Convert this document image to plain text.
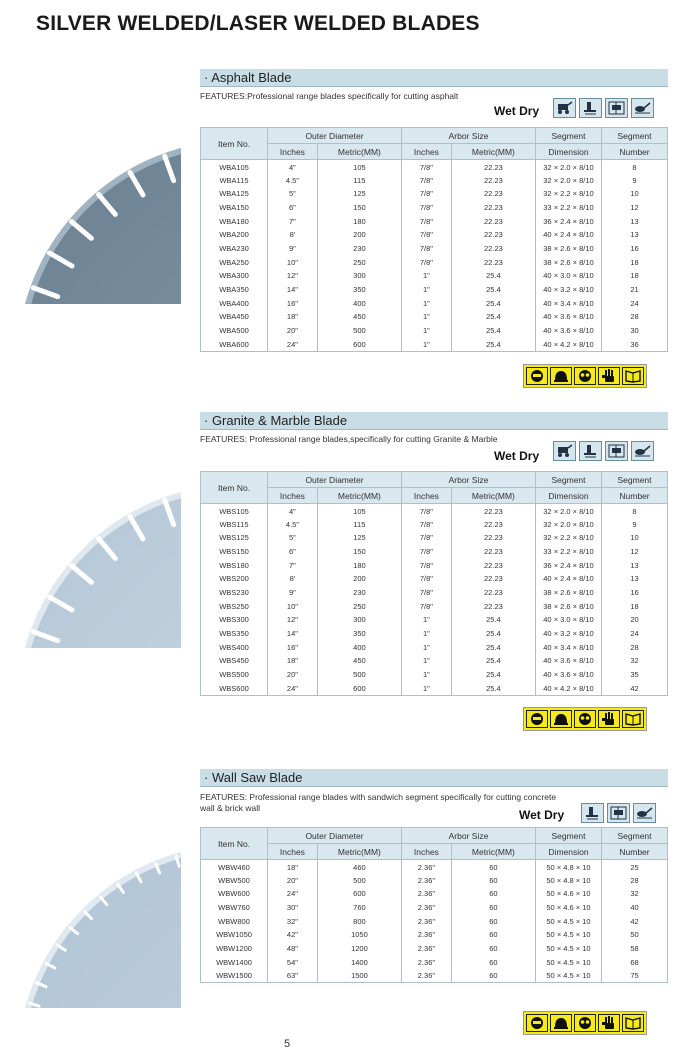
SILVER WELDED/LASER WELDED BLADES
· Asphalt Blade
FEATURES:Professional range blades specifically for cutting asphalt
Wet Dry
Item No.	Outer Diameter		Arbor Size		Segment	Segment
	Inches	Metric(MM)	Inches	Metric(MM)	Dimension	Number
WBA105	4"	105	7/8"	22.23	32 × 2.0 × 8/10	8
WBA115	4.5"	115	7/8"	22.23	32 × 2.0 × 8/10	9
WBA125	5"	125	7/8"	22.23	32 × 2.2 × 8/10	10
WBA150	6"	150	7/8"	22.23	33 × 2.2 × 8/10	12
WBA180	7"	180	7/8"	22.23	36 × 2.4 × 8/10	13
WBA200	8'	200	7/8"	22.23	40 × 2.4 × 8/10	13
WBA230	9"	230	7/8"	22.23	38 × 2.6 × 8/10	16
WBA250	10"	250	7/8"	22.23	38 × 2.6 × 8/10	18
WBA300	12"	300	1"	25.4	40 × 3.0 × 8/10	18
WBA350	14"	350	1"	25.4	40 × 3.2 × 8/10	21
WBA400	16"	400	1"	25.4	40 × 3.4 × 8/10	24
WBA450	18"	450	1"	25.4	40 × 3.6 × 8/10	28
WBA500	20"	500	1"	25.4	40 × 3.6 × 8/10	30
WBA600	24"	600	1"	25.4	40 × 4.2 × 8/10	36
· Granite & Marble Blade
FEATURES: Professional range blades,specifically for cutting Granite & Marble
Wet Dry
Item No.	Outer Diameter		Arbor Size		Segment	Segment
	Inches	Metric(MM)	Inches	Metric(MM)	Dimension	Number
WBS105	4"	105	7/8"	22.23	32 × 2.0 × 8/10	8
WBS115	4.5"	115	7/8"	22.23	32 × 2.0 × 8/10	9
WBS125	5"	125	7/8"	22.23	32 × 2.2 × 8/10	10
WBS150	6"	150	7/8"	22.23	33 × 2.2 × 8/10	12
WBS180	7"	180	7/8"	22.23	36 × 2.4 × 8/10	13
WBS200	8'	200	7/8"	22.23	40 × 2.4 × 8/10	13
WBS230	9"	230	7/8"	22.23	38 × 2.6 × 8/10	16
WBS250	10"	250	7/8"	22.23	38 × 2.6 × 8/10	18
WBS300	12"	300	1"	25.4	40 × 3.0 × 8/10	20
WBS350	14"	350	1"	25.4	40 × 3.2 × 8/10	24
WBS400	16"	400	1"	25.4	40 × 3.4 × 8/10	28
WBS450	18"	450	1"	25.4	40 × 3.6 × 8/10	32
WBS500	20"	500	1"	25.4	40 × 3.6 × 8/10	35
WBS600	24"	600	1"	25.4	40 × 4.2 × 8/10	42
· Wall Saw Blade
FEATURES: Professional range blades with sandwich segment specifically for cutting concrete wall & brick wall	Wet Dry
Item No.	Outer Diameter		Arbor Size		Segment	Segment
	Inches	Metric(MM)	Inches	Metric(MM)	Dimension	Number
WBW460	18"	460	2.36"	60	50 × 4.8 × 10	25
WBW500	20"	500	2.36"	60	50 × 4.8 × 10	28
WBW600	24"	600	2.36"	60	50 × 4.6 × 10	32
WBW760	30"	760	2.36"	60	50 × 4.6 × 10	40
WBW800	32"	800	2.36"	60	50 × 4.5 × 10	42
WBW1050	42"	1050	2.36"	60	50 × 4.5 × 10	50
WBW1200	48"	1200	2.36"	60	50 × 4.5 × 10	58
WBW1400	54"	1400	2.36"	60	50 × 4.5 × 10	68
WBW1500	63"	1500	2.36"	60	50 × 4.5 × 10	75
5
